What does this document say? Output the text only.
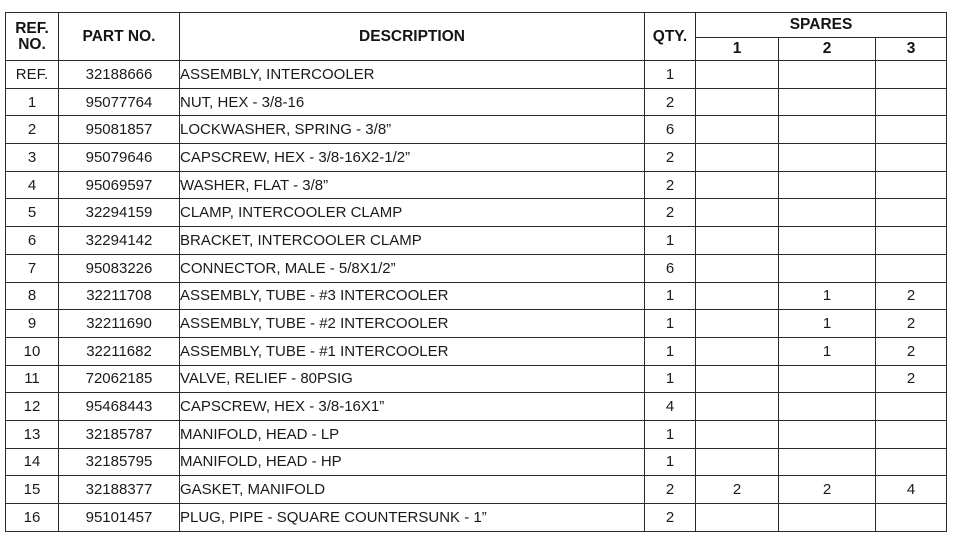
REF. NO.	PART NO.	DESCRIPTION	QTY.	SPARES		
				1	2	3
REF.	32188666	ASSEMBLY, INTERCOOLER	1			
1	95077764	NUT, HEX - 3/8-16	2			
2	95081857	LOCKWASHER, SPRING - 3/8”	6			
3	95079646	CAPSCREW, HEX - 3/8-16X2-1/2”	2			
4	95069597	WASHER, FLAT - 3/8”	2			
5	32294159	CLAMP, INTERCOOLER CLAMP	2			
6	32294142	BRACKET, INTERCOOLER CLAMP	1			
7	95083226	CONNECTOR, MALE - 5/8X1/2”	6			
8	32211708	ASSEMBLY, TUBE - #3 INTERCOOLER	1		1	2
9	32211690	ASSEMBLY, TUBE - #2 INTERCOOLER	1		1	2
10	32211682	ASSEMBLY, TUBE - #1 INTERCOOLER	1		1	2
11	72062185	VALVE, RELIEF - 80PSIG	1			2
12	95468443	CAPSCREW, HEX - 3/8-16X1”	4			
13	32185787	MANIFOLD, HEAD - LP	1			
14	32185795	MANIFOLD, HEAD - HP	1			
15	32188377	GASKET, MANIFOLD	2	2	2	4
16	95101457	PLUG, PIPE - SQUARE COUNTERSUNK - 1”	2			
